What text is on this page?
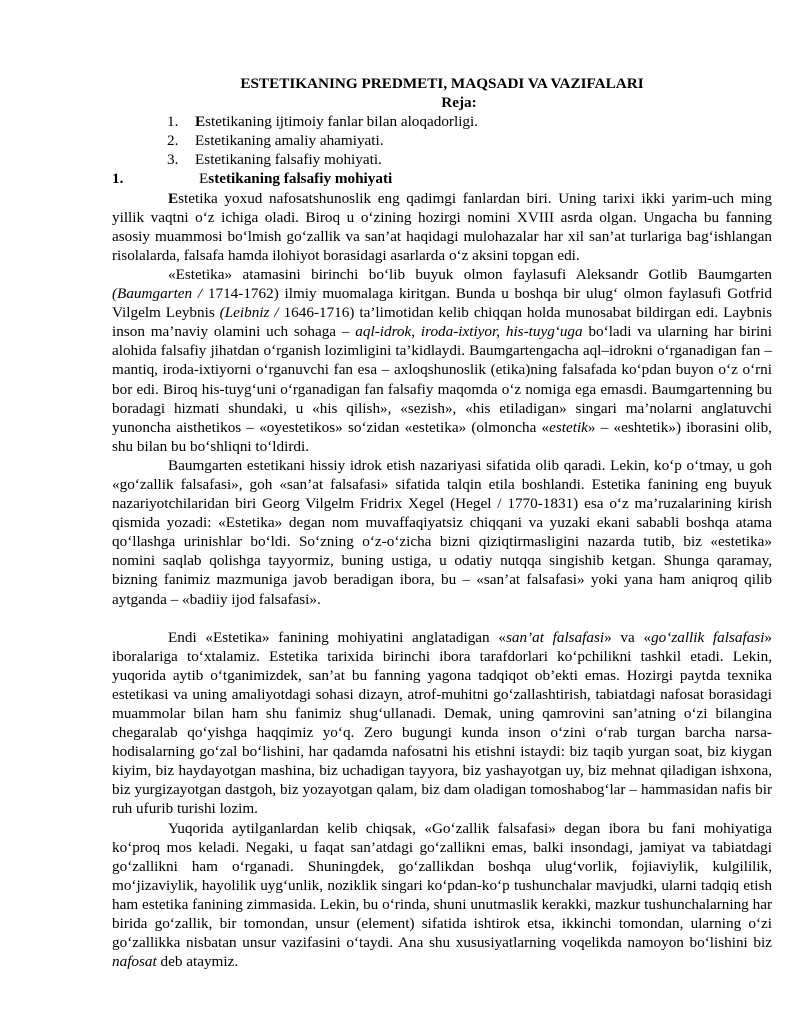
ESTETIKANING PREDMETI, MAQSADI VA VAZIFALARI
Reja:
1.	Estetikaning ijtimoiy fanlar bilan aloqadorligi.
2.	Estetikaning amaliy ahamiyati.
3.	Estetikaning falsafiy mohiyati.
1.	Estetikaning falsafiy mohiyati

Estetika yoxud nafosatshunoslik eng qadimgi fanlardan biri. Uning tarixi ikki yarim-uch ming yillik vaqtni o‘z ichiga oladi. Biroq u o‘zining hozirgi nomini XVIII asrda olgan. Ungacha bu fanning asosiy muammosi bo‘lmish go‘zallik va san’at haqidagi mulohazalar har xil san’at turlariga bag‘ishlangan risolalarda, falsafa hamda ilohiyot borasidagi asarlarda o‘z aksini topgan edi.

«Estetika» atamasini birinchi bo‘lib buyuk olmon faylasufi Aleksandr Gotlib Baumgarten (Baumgarten / 1714-1762) ilmiy muomalaga kiritgan. Bunda u boshqa bir ulug‘ olmon faylasufi Gotfrid Vilgelm Leybnis (Leibniz / 1646-1716) ta’limotidan kelib chiqqan holda munosabat bildirgan edi. Laybnis inson ma’naviy olamini uch sohaga – aql-idrok, iroda-ixtiyor, his-tuyg‘uga bo‘ladi va ularning har birini alohida falsafiy jihatdan o‘rganish lozimligini ta’kidlaydi. Baumgartengacha aql–idrokni o‘rganadigan fan – mantiq, iroda-ixtiyorni o‘rganuvchi fan esa – axloqshunoslik (etika)ning falsafada ko‘pdan buyon o‘z o‘rni bor edi. Biroq his-tuyg‘uni o‘rganadigan fan falsafiy maqomda o‘z nomiga ega emasdi. Baumgartenning bu boradagi hizmati shundaki, u «his qilish», «sezish», «his etiladigan» singari ma’nolarni anglatuvchi yunoncha aisthetikos – «oyestetikos» so‘zidan «estetika» (olmoncha «estetik» – «eshtetik») iborasini olib, shu bilan bu bo‘shliqni to‘ldirdi.

Baumgarten estetikani hissiy idrok etish nazariyasi sifatida olib qaradi. Lekin, ko‘p o‘tmay, u goh «go‘zallik falsafasi», goh «san’at falsafasi» sifatida talqin etila boshlandi. Estetika fanining eng buyuk nazariyotchilaridan biri Georg Vilgelm Fridrix Xegel (Hegel / 1770-1831) esa o‘z ma’ruzalarining kirish qismida yozadi: «Estetika» degan nom muvaffaqiyatsiz chiqqani va yuzaki ekani sababli boshqa atama qo‘llashga urinishlar bo‘ldi. So‘zning o‘z-o‘zicha bizni qiziqtirmasligini nazarda tutib, biz «estetika» nomini saqlab qolishga tayyormiz, buning ustiga, u odatiy nutqqa singishib ketgan. Shunga qaramay, bizning fanimiz mazmuniga javob beradigan ibora, bu – «san’at falsafasi» yoki yana ham aniqroq qilib aytganda – «badiiy ijod falsafasi».

Endi «Estetika» fanining mohiyatini anglatadigan «san’at falsafasi» va «go‘zallik falsafasi» iboralariga to‘xtalamiz. Estetika tarixida birinchi ibora tarafdorlari ko‘pchilikni tashkil etadi. Lekin, yuqorida aytib o‘tganimizdek, san’at bu fanning yagona tadqiqot ob’ekti emas. Hozirgi paytda texnika estetikasi va uning amaliyotdagi sohasi dizayn, atrof-muhitni go‘zallashtirish, tabiatdagi nafosat borasidagi muammolar bilan ham shu fanimiz shug‘ullanadi. Demak, uning qamrovini san’atning o‘zi bilangina chegaralab qo‘yishga haqqimiz yo‘q. Zero bugungi kunda inson o‘zini o‘rab turgan barcha narsa-hodisalarning go‘zal bo‘lishini, har qadamda nafosatni his etishni istaydi: biz taqib yurgan soat, biz kiygan kiyim, biz haydayotgan mashina, biz uchadigan tayyora, biz yashayotgan uy, biz mehnat qiladigan ishxona, biz yurgizayotgan dastgoh, biz yozayotgan qalam, biz dam oladigan tomoshabog‘lar – hammasidan nafis bir ruh ufurib turishi lozim.

Yuqorida aytilganlardan kelib chiqsak, «Go‘zallik falsafasi» degan ibora bu fani mohiyatiga ko‘proq mos keladi. Negaki, u faqat san’atdagi go‘zallikni emas, balki insondagi, jamiyat va tabiatdagi go‘zallikni ham o‘rganadi. Shuningdek, go‘zallikdan boshqa ulug‘vorlik, fojiaviylik, kulgililik, mo‘jizaviylik, hayolilik uyg‘unlik, noziklik singari ko‘pdan-ko‘p tushunchalar mavjudki, ularni tadqiq etish ham estetika fanining zimmasida. Lekin, bu o‘rinda, shuni unutmaslik kerakki, mazkur tushunchalarning har birida go‘zallik, bir tomondan, unsur (element) sifatida ishtirok etsa, ikkinchi tomondan, ularning o‘zi go‘zallikka nisbatan unsur vazifasini o‘taydi. Ana shu xususiyatlarning voqelikda namoyon bo‘lishini biz nafosat deb ataymiz.
